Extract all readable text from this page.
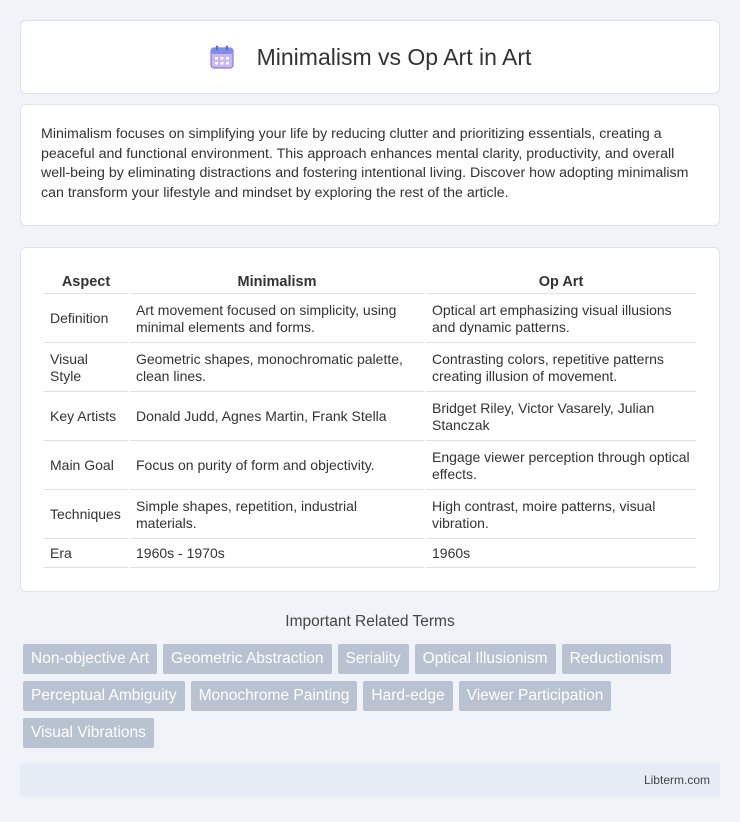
Minimalism vs Op Art in Art

Minimalism focuses on simplifying your life by reducing clutter and prioritizing essentials, creating a peaceful and functional environment. This approach enhances mental clarity, productivity, and overall well-being by eliminating distractions and fostering intentional living. Discover how adopting minimalism can transform your lifestyle and mindset by exploring the rest of the article.

Aspect	Minimalism	Op Art
Definition	Art movement focused on simplicity, using minimal elements and forms.	Optical art emphasizing visual illusions and dynamic patterns.
Visual Style	Geometric shapes, monochromatic palette, clean lines.	Contrasting colors, repetitive patterns creating illusion of movement.
Key Artists	Donald Judd, Agnes Martin, Frank Stella	Bridget Riley, Victor Vasarely, Julian Stanczak
Main Goal	Focus on purity of form and objectivity.	Engage viewer perception through optical effects.
Techniques	Simple shapes, repetition, industrial materials.	High contrast, moire patterns, visual vibration.
Era	1960s - 1970s	1960s
Important Related Terms
Non-objective Art	Geometric Abstraction	Seriality	Optical Illusionism	Reductionism
Perceptual Ambiguity	Monochrome Painting	Hard-edge	Viewer Participation
Visual Vibrations
Libterm.com
